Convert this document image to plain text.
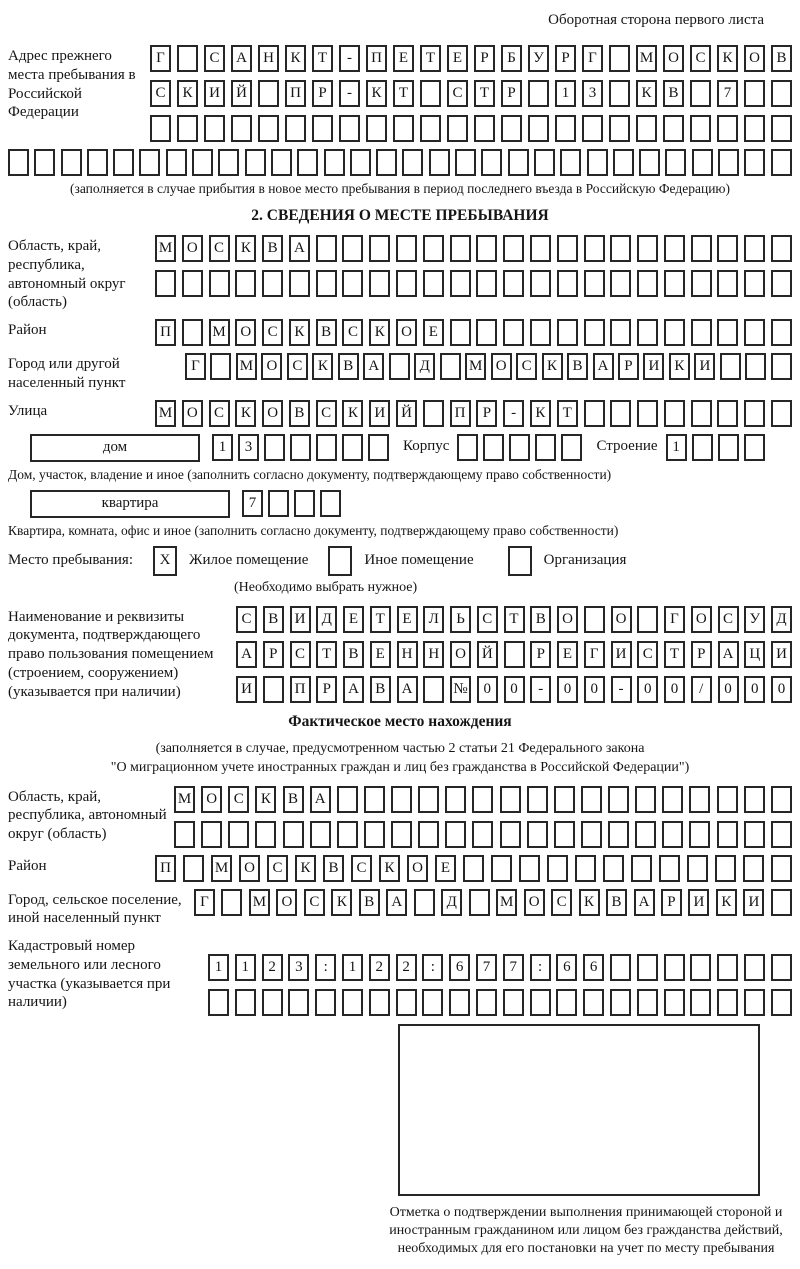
Оборотная сторона первого листа
Адрес прежнего места пребывания в Российской Федерации
Г	С	А	Н	К	Т	-	П	Е	Т	Е	Р	Б	У	Р	Г	М О	С	К	О	В
С	К	И	Й	П	Р	-	К	Т	С	Т	Р	1	3	К	В	7
(заполняется в случае прибытия в новое место пребывания в период последнего въезда в Российскую Федерацию)
2. СВЕДЕНИЯ О МЕСТЕ ПРЕБЫВАНИЯ
Область, край, республика, автономный округ (область)
М О	С	К	В	А
Район	П	М О	С	К	В	С	К	О	Е
Город или другой населенный пункт
Г	М О	С	К	В	А	Д	М О	С	К	В	А	Р	И	К	И
Улица	М О	С	К	О	В	С	К	И	Й	П	Р	-	К	Т
дом	1	3	Корпус	Строение 1
Дом, участок, владение и иное (заполнить согласно документу, подтверждающему право собственности)
квартира	7
Квартира, комната, офис и иное (заполнить согласно документу, подтверждающему право собственности)
Место пребывания:	X	Жилое помещение	Иное помещение	Организация
(Необходимо выбрать нужное)
Наименование и реквизиты документа, подтверждающего право пользования помещением (строением, сооружением) (указывается при наличии)
С	В	И	Д	Е	Т	Е	Л	Ь	С	Т	В	О	О	Г	О	С	У	Д
А	Р	С	Т	В	Е	Н	Н	О	Й	Р	Е	Г	И	С	Т	Р	А	Ц	И
И	П	Р	А	В	А	№	0	0	-	0	0	-	0	0	/	0	0	0
Фактическое место нахождения
(заполняется в случае, предусмотренном частью 2 статьи 21 Федерального закона
"О миграционном учете иностранных граждан и лиц без гражданства в Российской Федерации")
Область, край, республика, автономный округ (область)
М	О	С	К	В	А
Район	П	М	О	С	К	В	С	К	О	Е
Город, сельское поселение, иной населенный пункт
Г	М	О	С	К	В	А	Д	М	О	С	К	В	А	Р	И	К	И
Кадастровый номер земельного или лесного участка (указывается при наличии)
1	1	2	3	:	1	2	2	:	6	7	7	:	6	6
Отметка о подтверждении выполнения принимающей стороной и иностранным гражданином или лицом без гражданства действий, необходимых для его постановки на учет по месту пребывания
